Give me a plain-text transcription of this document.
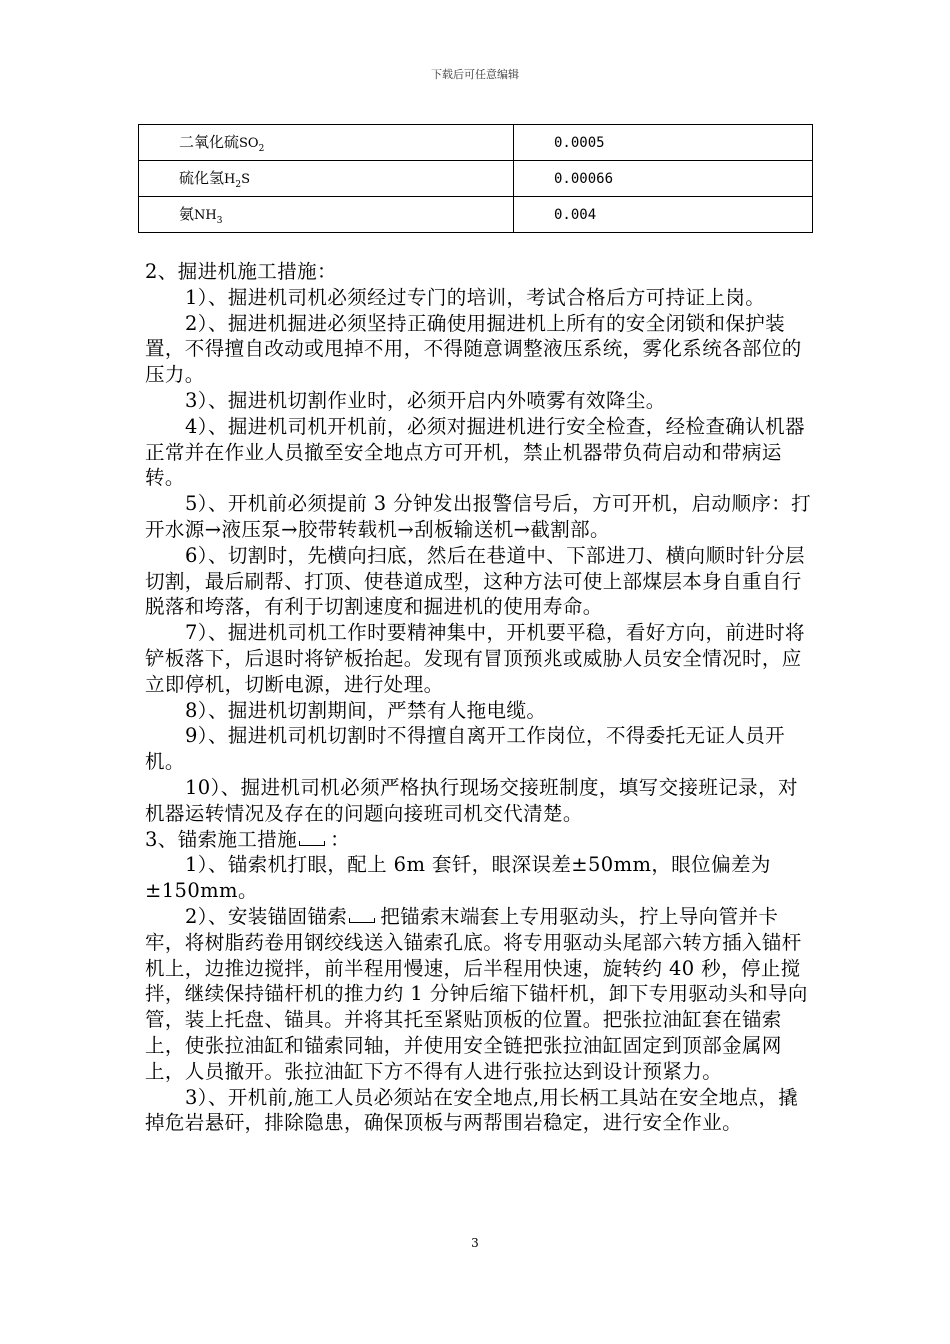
下载后可任意编辑
二氧化硫$SO_2$	0.0005
硫化氢$H_2S$	0.00066
氨$NH_3$	0.004

2、掘进机施工措施：

1）、掘进机司机必须经过专门的培训，考试合格后方可持证上岗。

2）、掘进机掘进必须坚持正确使用掘进机上所有的安全闭锁和保护装置，不得擅自改动或甩掉不用，不得随意调整液压系统，雾化系统各部位的压力。

3）、掘进机切割作业时，必须开启内外喷雾有效降尘。

4）、掘进机司机开机前，必须对掘进机进行安全检查，经检查确认机器正常并在作业人员撤至安全地点方可开机，禁止机器带负荷启动和带病运转。

5）、开机前必须提前 3 分钟发出报警信号后，方可开机，启动顺序：打开水源→液压泵→胶带转载机→刮板输送机→截割部。

6）、切割时，先横向扫底，然后在巷道中、下部进刀、横向顺时针分层切割，最后刷帮、打顶、使巷道成型，这种方法可使上部煤层本身自重自行脱落和垮落，有利于切割速度和掘进机的使用寿命。

7）、掘进机司机工作时要精神集中，开机要平稳，看好方向，前进时将铲板落下，后退时将铲板抬起。发现有冒顶预兆或威胁人员安全情况时，应立即停机，切断电源，进行处理。

8）、掘进机切割期间，严禁有人拖电缆。

9）、掘进机司机切割时不得擅自离开工作岗位，不得委托无证人员开机。

10）、掘进机司机必须严格执行现场交接班制度，填写交接班记录，对机器运转情况及存在的问题向接班司机交代清楚。

3、锚索施工措施 ：

1）、锚索机打眼，配上 6m 套钎，眼深误差±50mm，眼位偏差为±150mm。

2）、安装锚固锚索 把锚索末端套上专用驱动头，拧上导向管并卡牢，将树脂药卷用钢绞线送入锚索孔底。将专用驱动头尾部六转方插入锚杆机上，边推边搅拌，前半程用慢速，后半程用快速，旋转约 40 秒，停止搅拌，继续保持锚杆机的推力约 1 分钟后缩下锚杆机，卸下专用驱动头和导向管，装上托盘、锚具。并将其托至紧贴顶板的位置。把张拉油缸套在锚索上，使张拉油缸和锚索同轴，并使用安全链把张拉油缸固定到顶部金属网上，人员撤开。张拉油缸下方不得有人进行张拉达到设计预紧力。

3）、开机前,施工人员必须站在安全地点,用长柄工具站在安全地点，撬掉危岩悬矸，排除隐患，确保顶板与两帮围岩稳定，进行安全作业。

3
